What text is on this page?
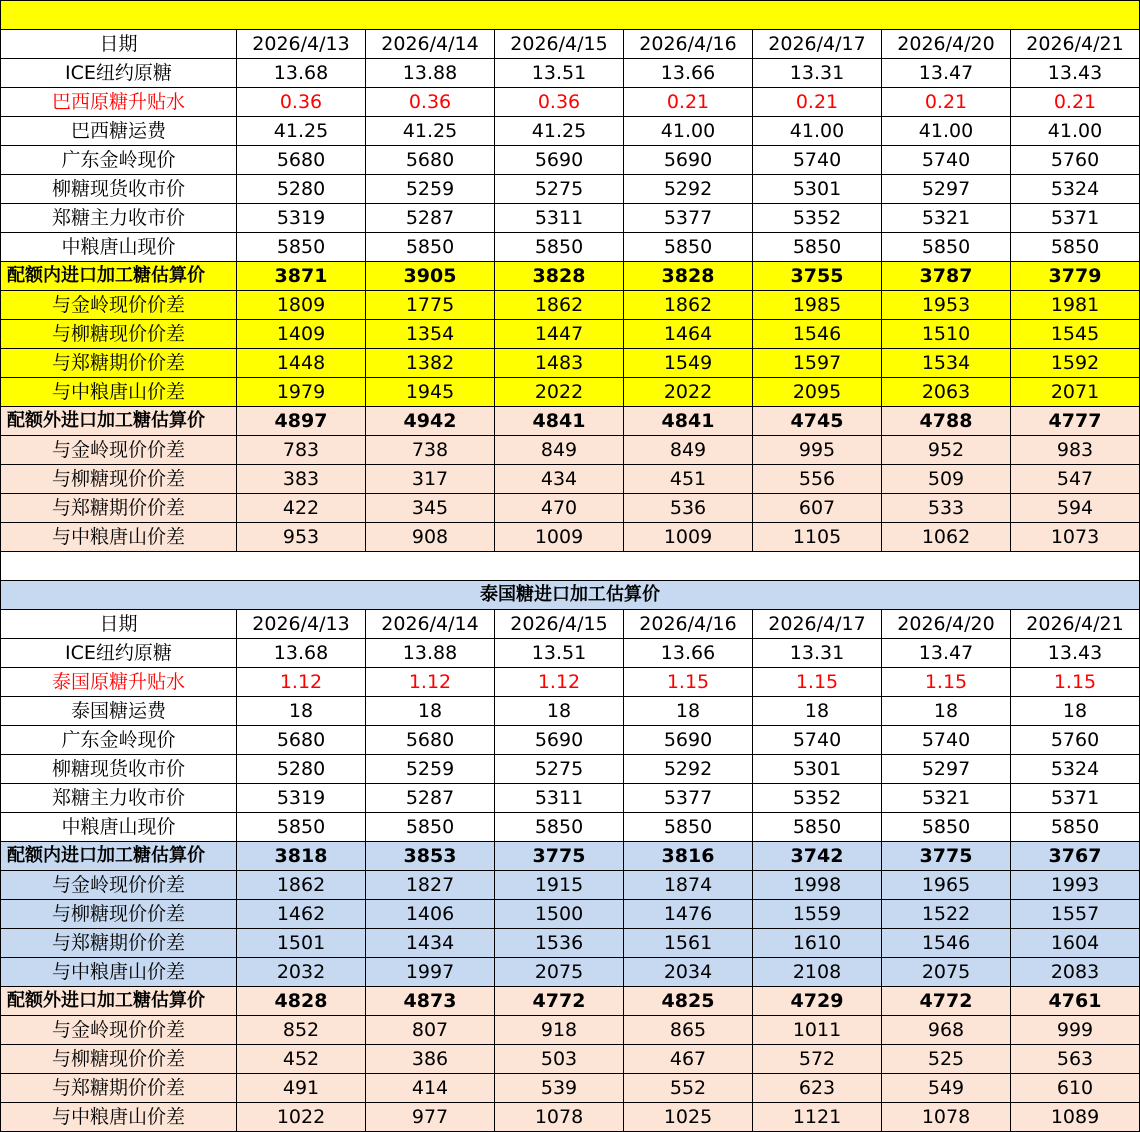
日期	2026/4/13	2026/4/14	2026/4/15	2026/4/16	2026/4/17	2026/4/20	2026/4/21
ICE纽约原糖	13.68	13.88	13.51	13.66	13.31	13.47	13.43
巴西原糖升贴水	0.36	0.36	0.36	0.21	0.21	0.21	0.21
巴西糖运费	41.25	41.25	41.25	41.00	41.00	41.00	41.00
广东金岭现价	5680	5680	5690	5690	5740	5740	5760
柳糖现货收市价	5280	5259	5275	5292	5301	5297	5324
郑糖主力收市价	5319	5287	5311	5377	5352	5321	5371
中粮唐山现价	5850	5850	5850	5850	5850	5850	5850
配额内进口加工糖估算价	3871	3905	3828	3828	3755	3787	3779
与金岭现价价差	1809	1775	1862	1862	1985	1953	1981
与柳糖现价价差	1409	1354	1447	1464	1546	1510	1545
与郑糖期价价差	1448	1382	1483	1549	1597	1534	1592
与中粮唐山价差	1979	1945	2022	2022	2095	2063	2071
配额外进口加工糖估算价	4897	4942	4841	4841	4745	4788	4777
与金岭现价价差	783	738	849	849	995	952	983
与柳糖现价价差	383	317	434	451	556	509	547
与郑糖期价价差	422	345	470	536	607	533	594
与中粮唐山价差	953	908	1009	1009	1105	1062	1073

泰国糖进口加工估算价							
日期	2026/4/13	2026/4/14	2026/4/15	2026/4/16	2026/4/17	2026/4/20	2026/4/21
ICE纽约原糖	13.68	13.88	13.51	13.66	13.31	13.47	13.43
泰国原糖升贴水	1.12	1.12	1.12	1.15	1.15	1.15	1.15
泰国糖运费	18	18	18	18	18	18	18
广东金岭现价	5680	5680	5690	5690	5740	5740	5760
柳糖现货收市价	5280	5259	5275	5292	5301	5297	5324
郑糖主力收市价	5319	5287	5311	5377	5352	5321	5371
中粮唐山现价	5850	5850	5850	5850	5850	5850	5850
配额内进口加工糖估算价	3818	3853	3775	3816	3742	3775	3767
与金岭现价价差	1862	1827	1915	1874	1998	1965	1993
与柳糖现价价差	1462	1406	1500	1476	1559	1522	1557
与郑糖期价价差	1501	1434	1536	1561	1610	1546	1604
与中粮唐山价差	2032	1997	2075	2034	2108	2075	2083
配额外进口加工糖估算价	4828	4873	4772	4825	4729	4772	4761
与金岭现价价差	852	807	918	865	1011	968	999
与柳糖现价价差	452	386	503	467	572	525	563
与郑糖期价价差	491	414	539	552	623	549	610
与中粮唐山价差	1022	977	1078	1025	1121	1078	1089
